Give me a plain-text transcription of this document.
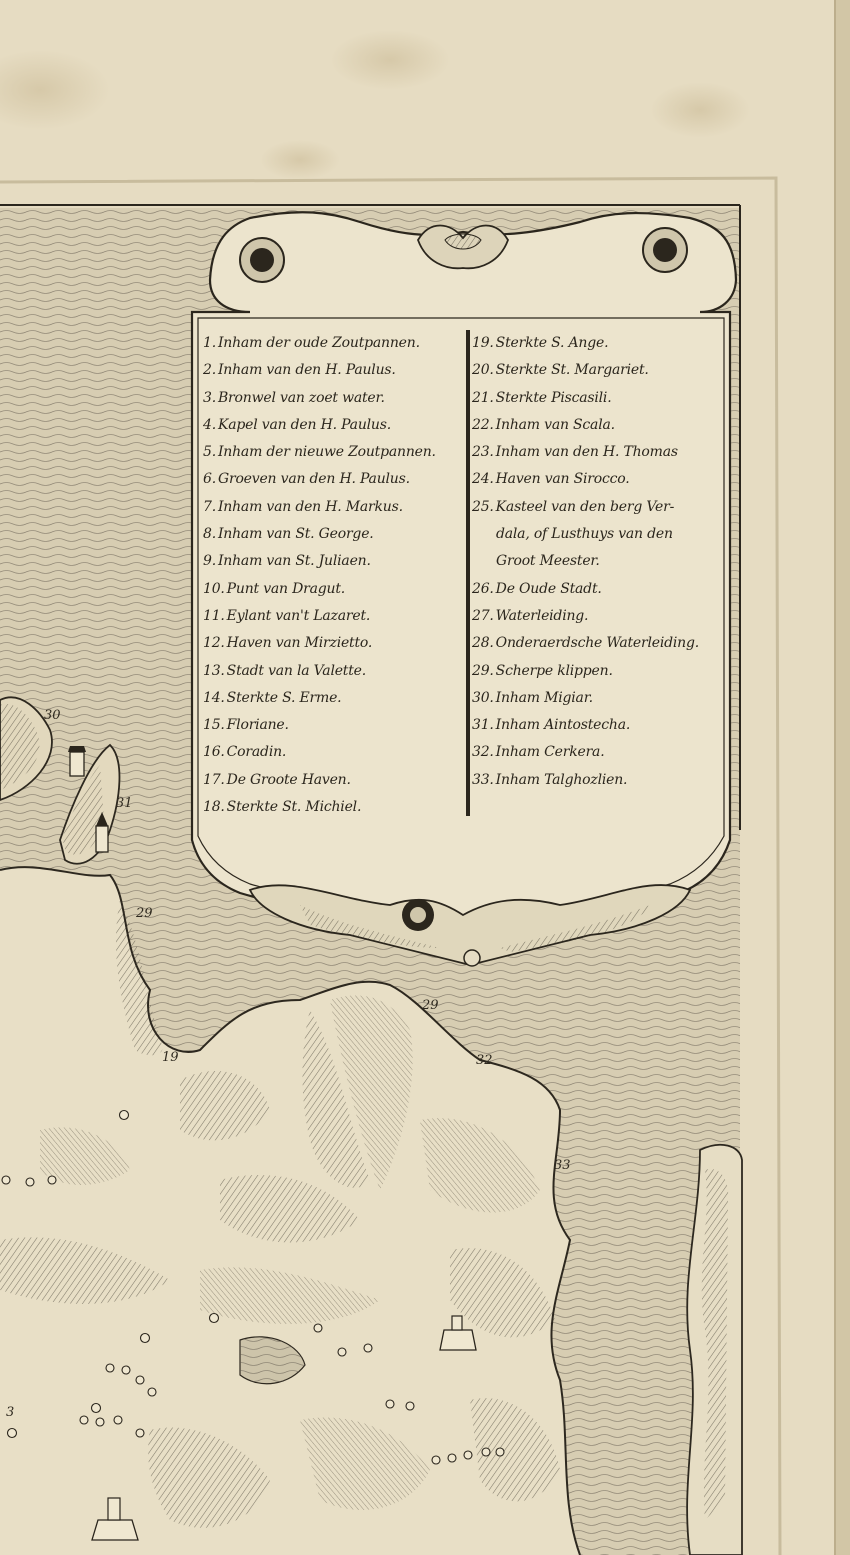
1. Inham der oude Zoutpannen.
2. Inham van den H. Paulus.
3. Bronwel van zoet water.
4. Kapel van den H. Paulus.
5. Inham der nieuwe Zoutpannen.
6. Groeven van den H. Paulus.
7. Inham van den H. Markus.
8. Inham van St. George.
9. Inham van St. Juliaen.
10. Punt van Dragut.
11. Eylant van't Lazaret.
12. Haven van Mirzietto.
13. Stadt van la Valette.
14. Sterkte S. Erme.
15. Floriane.
16. Coradin.
17. De Groote Haven.
18. Sterkte St. Michiel.
19. Sterkte S. Ange.
20. Sterkte St. Margariet.
21. Sterkte Piscasili.
22. Inham van Scala.
23. Inham van den H. Thomas
24. Haven van Sirocco.
25. Kasteel van den berg Ver-
dala, of Lusthuys van den
Groot Meester.
26. De Oude Stadt.
27. Waterleiding.
28. Onderaerdsche Waterleiding.
29. Scherpe klippen.
30. Inham Migiar.
31. Inham Aintostecha.
32. Inham Cerkera.
33. Inham Talghozlien.
30
31
29
29
19	32
33
3
